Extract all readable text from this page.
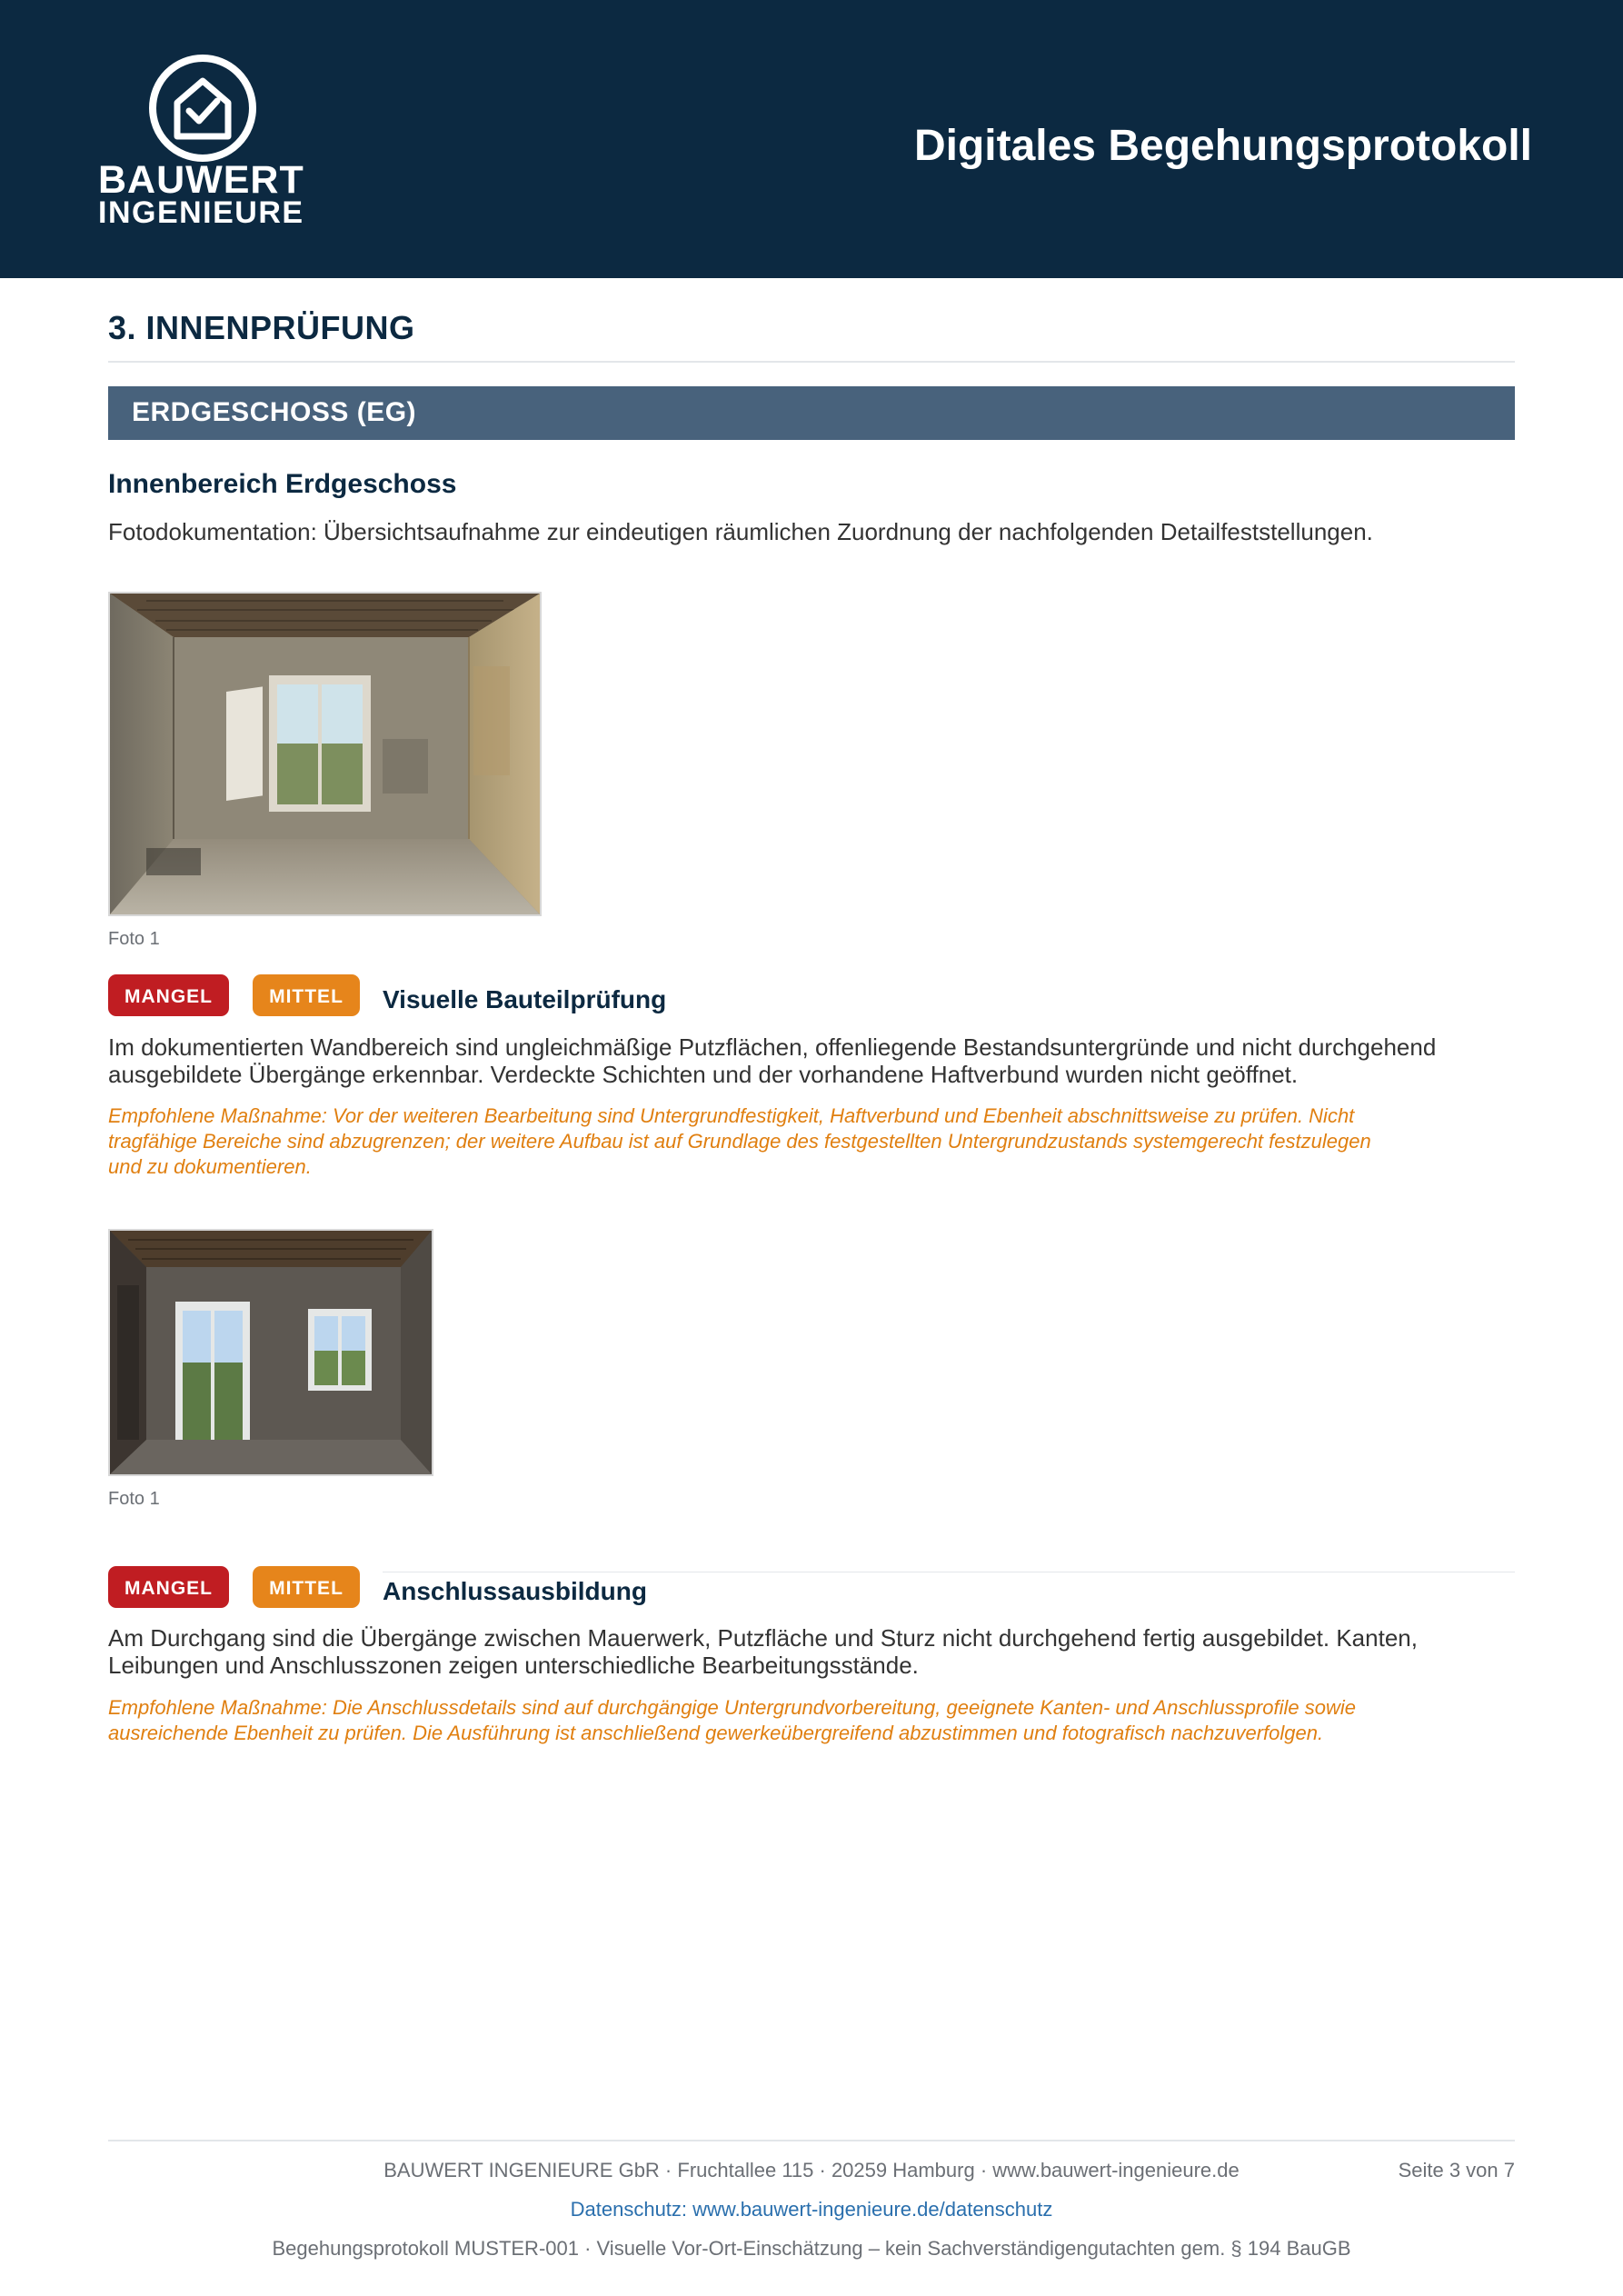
BAUWERT
INGENIEURE
Digitales Begehungsprotokoll
3. INNENPRÜFUNG
ERDGESCHOSS (EG)
Innenbereich Erdgeschoss
Fotodokumentation: Übersichtsaufnahme zur eindeutigen räumlichen Zuordnung der nachfolgenden Detailfeststellungen.
Foto 1
MANGEL	MITTEL	Visuelle Bauteilprüfung
Im dokumentierten Wandbereich sind ungleichmäßige Putzflächen, offenliegende Bestandsuntergründe und nicht durchgehend
ausgebildete Übergänge erkennbar. Verdeckte Schichten und der vorhandene Haftverbund wurden nicht geöffnet.
Empfohlene Maßnahme: Vor der weiteren Bearbeitung sind Untergrundfestigkeit, Haftverbund und Ebenheit abschnittsweise zu prüfen. Nicht
tragfähige Bereiche sind abzugrenzen; der weitere Aufbau ist auf Grundlage des festgestellten Untergrundzustands systemgerecht festzulegen
und zu dokumentieren.
Foto 1
MANGEL	MITTEL	Anschlussausbildung
Am Durchgang sind die Übergänge zwischen Mauerwerk, Putzfläche und Sturz nicht durchgehend fertig ausgebildet. Kanten,
Leibungen und Anschlusszonen zeigen unterschiedliche Bearbeitungsstände.
Empfohlene Maßnahme: Die Anschlussdetails sind auf durchgängige Untergrundvorbereitung, geeignete Kanten- und Anschlussprofile sowie
ausreichende Ebenheit zu prüfen. Die Ausführung ist anschließend gewerkeübergreifend abzustimmen und fotografisch nachzuverfolgen.
BAUWERT INGENIEURE GbR · Fruchtallee 115 · 20259 Hamburg · www.bauwert-ingenieure.de	Seite 3 von 7
Datenschutz: www.bauwert-ingenieure.de/datenschutz
Begehungsprotokoll MUSTER-001 · Visuelle Vor-Ort-Einschätzung – kein Sachverständigengutachten gem. § 194 BauGB
